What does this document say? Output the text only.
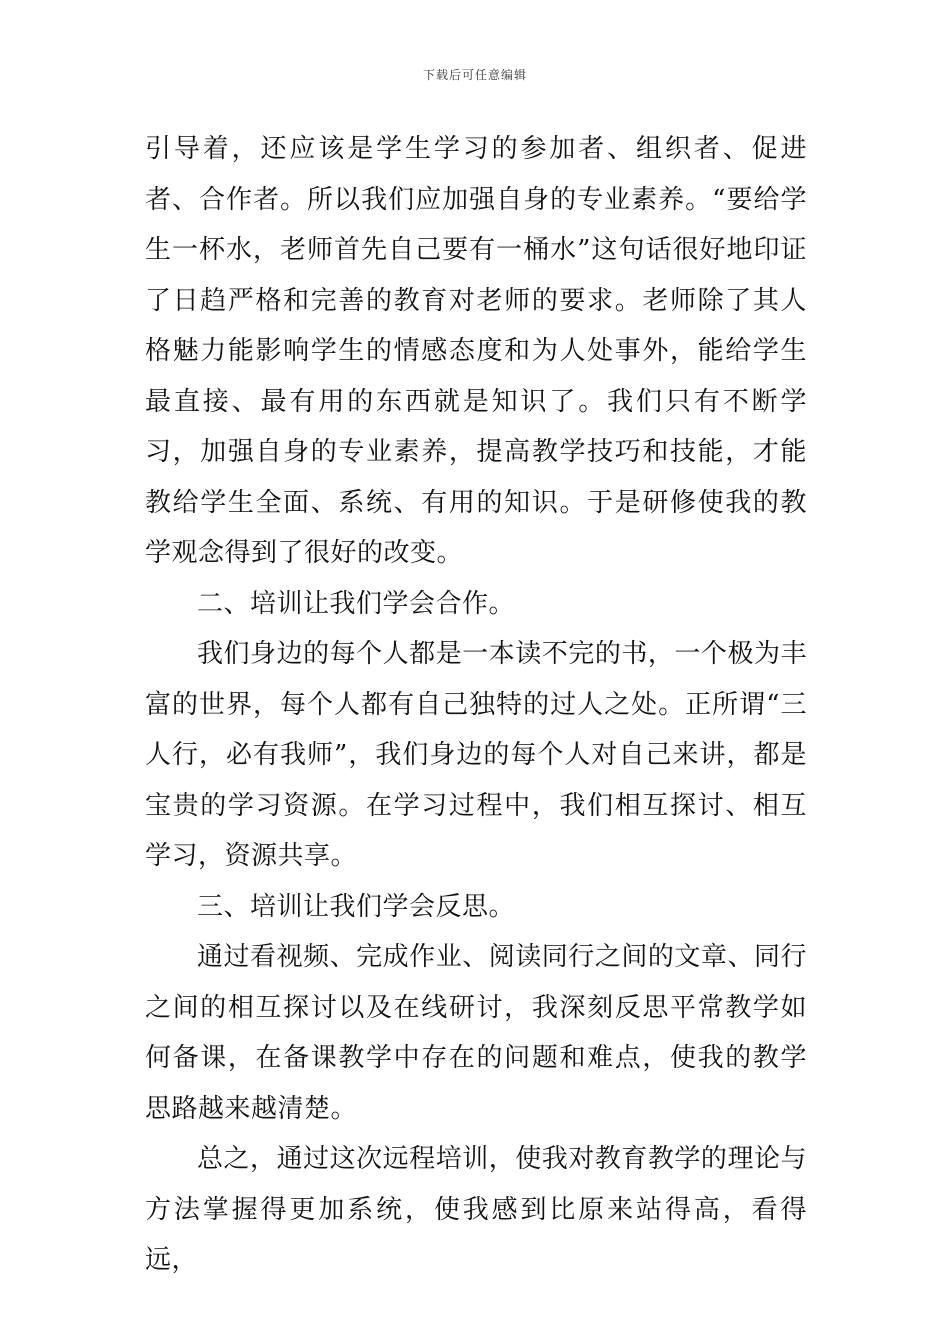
下载后可任意编辑

引导着，还应该是学生学习的参加者、组织者、促进者、合作者。所以我们应加强自身的专业素养。“要给学生一杯水，老师首先自己要有一桶水”这句话很好地印证了日趋严格和完善的教育对老师的要求。老师除了其人格魅力能影响学生的情感态度和为人处事外，能给学生最直接、最有用的东西就是知识了。我们只有不断学习，加强自身的专业素养，提高教学技巧和技能，才能教给学生全面、系统、有用的知识。于是研修使我的教学观念得到了很好的改变。

二、培训让我们学会合作。

我们身边的每个人都是一本读不完的书，一个极为丰富的世界，每个人都有自己独特的过人之处。正所谓“三人行，必有我师”，我们身边的每个人对自己来讲，都是宝贵的学习资源。在学习过程中，我们相互探讨、相互学习，资源共享。

三、培训让我们学会反思。

通过看视频、完成作业、阅读同行之间的文章、同行之间的相互探讨以及在线研讨，我深刻反思平常教学如何备课，在备课教学中存在的问题和难点，使我的教学思路越来越清楚。

总之，通过这次远程培训，使我对教育教学的理论与方法掌握得更加系统，使我感到比原来站得高，看得远，
